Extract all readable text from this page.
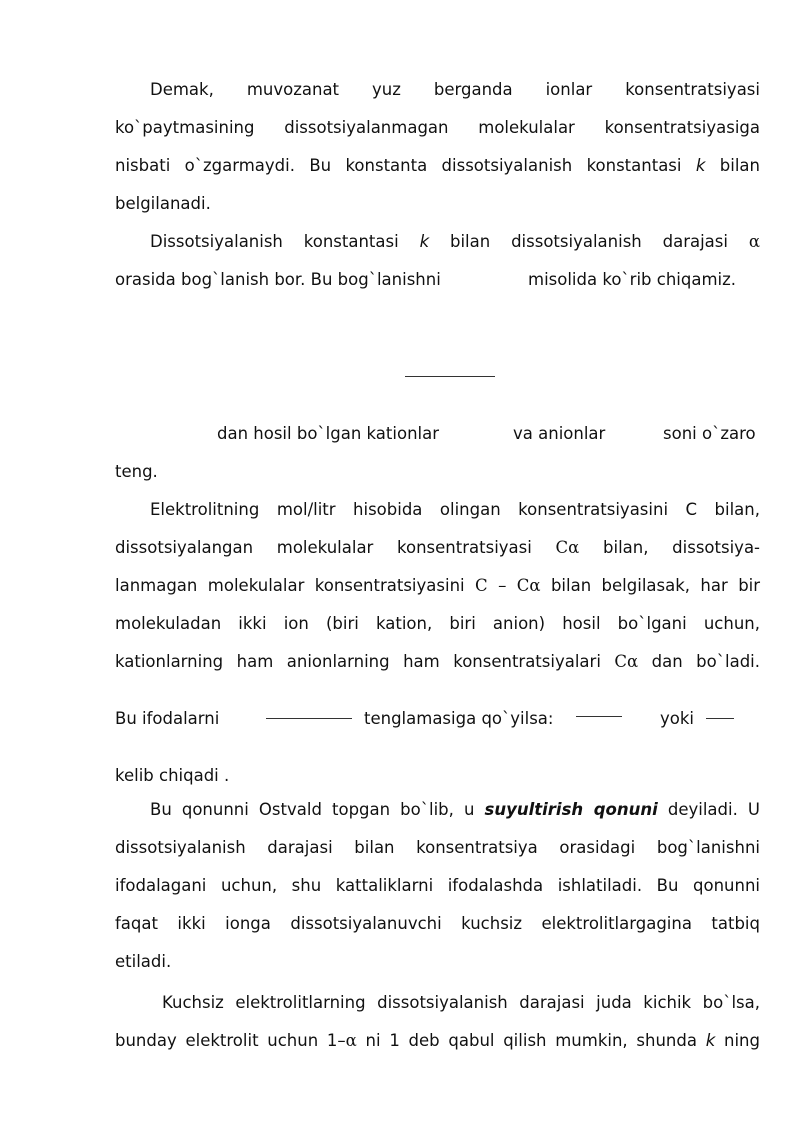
Demak, muvozanat yuz berganda ionlar konsentratsiyasi
ko`paytmasining dissotsiyalanmagan molekulalar konsentratsiyasiga
nisbati o`zgarmaydi. Bu konstanta dissotsiyalanish konstantasi k bilan
belgilanadi.
Dissotsiyalanish konstantasi k bilan dissotsiyalanish darajasi α
orasida bog`lanish bor. Bu bog`lanishni	misolida ko`rib chiqamiz.
dan hosil bo`lgan kationlar	va anionlar	soni o`zaro
teng.
Elektrolitning mol/litr hisobida olingan konsentratsiyasini C bilan,
dissotsiyalangan molekulalar konsentratsiyasi Cα bilan, dissotsiya-
lanmagan molekulalar konsentratsiyasini C – Cα bilan belgilasak, har bir
molekuladan ikki ion (biri kation, biri anion) hosil bo`lgani uchun,
kationlarning ham anionlarning ham konsentratsiyalari Cα dan bo`ladi.
Bu ifodalarni	tenglamasiga qo`yilsa:	yoki
kelib chiqadi .
Bu qonunni Ostvald topgan bo`lib, u suyultirish qonuni deyiladi. U
dissotsiyalanish darajasi bilan konsentratsiya orasidagi bog`lanishni
ifodalagani uchun, shu kattaliklarni ifodalashda ishlatiladi. Bu qonunni
faqat ikki ionga dissotsiyalanuvchi kuchsiz elektrolitlargagina tatbiq
etiladi.
Kuchsiz elektrolitlarning dissotsiyalanish darajasi juda kichik bo`lsa,
bunday elektrolit uchun 1–α ni 1 deb qabul qilish mumkin, shunda k ning
